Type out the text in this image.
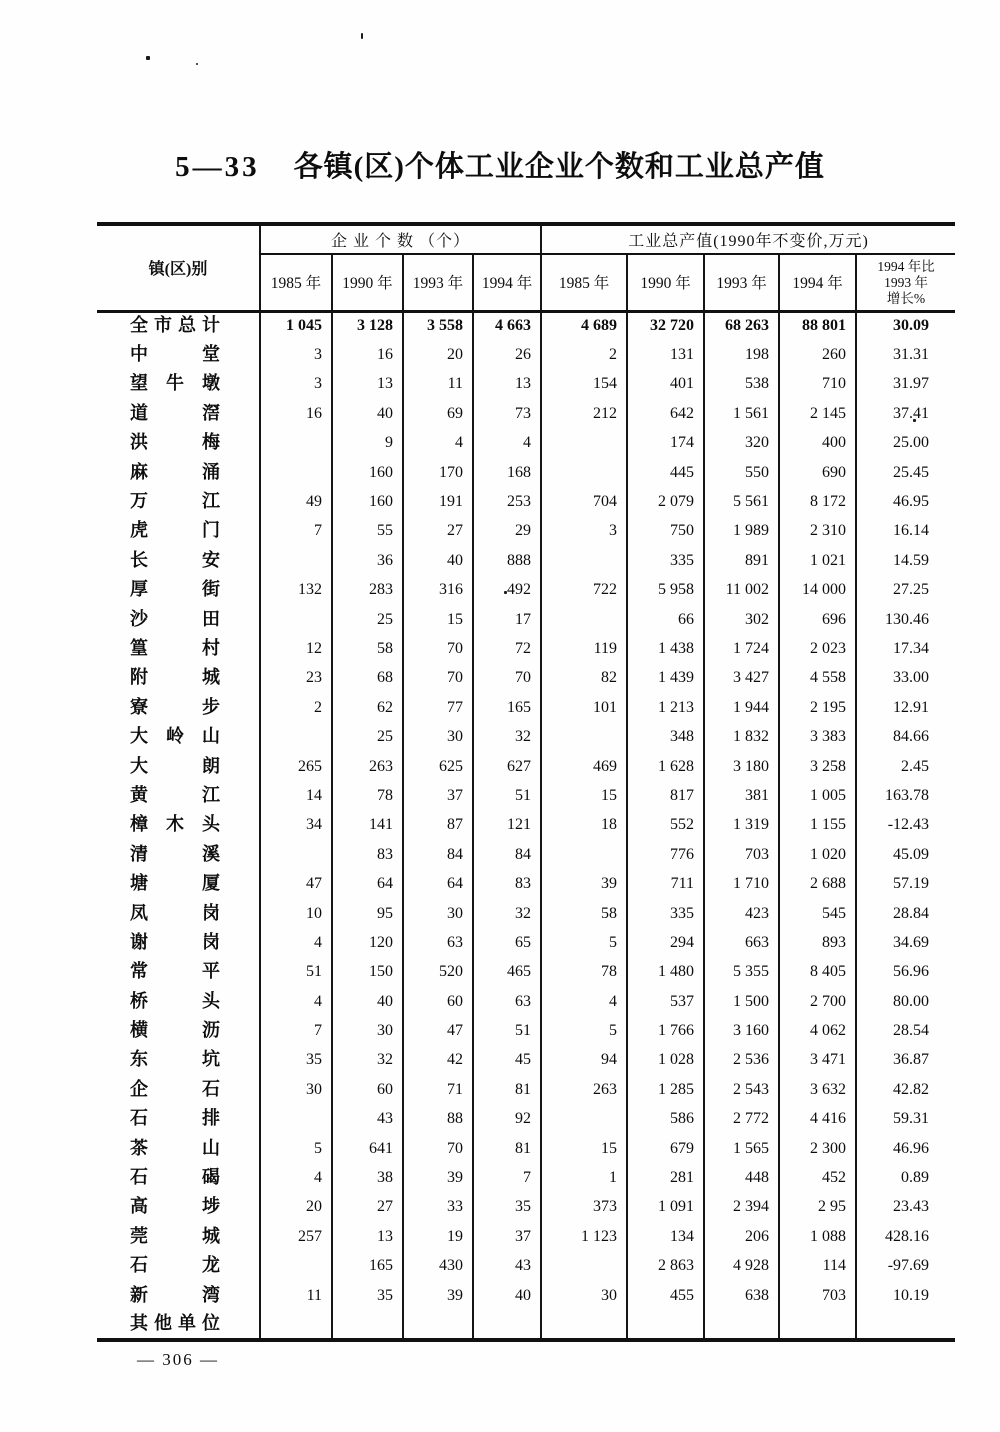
5—33 各镇(区)个体工业企业个数和工业总产值
镇(区)别	企 业 个 数 （个）				工业总产值(1990年不变价,万元)				
	1985 年	1990 年	1993 年	1994 年	1985 年	1990 年	1993 年	1994 年	1994 年比
1993 年
增长%

全 市 总 计	1 045	3 128	3 558	4 663	4 689	32 720	68 263	88 801	30.09

中 堂	3	16	20	26	2	131	198	260	31.31

望 牛 墩	3	13	11	13	154	401	538	710	31.97

道 滘	16	40	69	73	212	642	1 561	2 145	37.41

洪 梅		9	4	4		174	320	400	25.00

麻 涌		160	170	168		445	550	690	25.45

万 江	49	160	191	253	704	2 079	5 561	8 172	46.95

虎 门	7	55	27	29	3	750	1 989	2 310	16.14

长 安		36	40	888		335	891	1 021	14.59

厚 街	132	283	316	492	722	5 958	11 002	14 000	27.25

沙 田		25	15	17		66	302	696	130.46

篁 村	12	58	70	72	119	1 438	1 724	2 023	17.34

附 城	23	68	70	70	82	1 439	3 427	4 558	33.00

寮 步	2	62	77	165	101	1 213	1 944	2 195	12.91

大 岭 山		25	30	32		348	1 832	3 383	84.66

大 朗	265	263	625	627	469	1 628	3 180	3 258	2.45

黄 江	14	78	37	51	15	817	381	1 005	163.78

樟 木 头	34	141	87	121	18	552	1 319	1 155	-12.43

清 溪		83	84	84		776	703	1 020	45.09

塘 厦	47	64	64	83	39	711	1 710	2 688	57.19

凤 岗	10	95	30	32	58	335	423	545	28.84

谢 岗	4	120	63	65	5	294	663	893	34.69

常 平	51	150	520	465	78	1 480	5 355	8 405	56.96

桥 头	4	40	60	63	4	537	1 500	2 700	80.00

横 沥	7	30	47	51	5	1 766	3 160	4 062	28.54

东 坑	35	32	42	45	94	1 028	2 536	3 471	36.87

企 石	30	60	71	81	263	1 285	2 543	3 632	42.82

石 排		43	88	92		586	2 772	4 416	59.31

茶 山	5	641	70	81	15	679	1 565	2 300	46.96

石 碣	4	38	39	7	1	281	448	452	0.89

高 埗	20	27	33	35	373	1 091	2 394	2 95	23.43

莞 城	257	13	19	37	1 123	134	206	1 088	428.16

石 龙		165	430	43		2 863	4 928	114	-97.69

新 湾	11	35	39	40	30	455	638	703	10.19

其 他 单 位									

— 306 —
